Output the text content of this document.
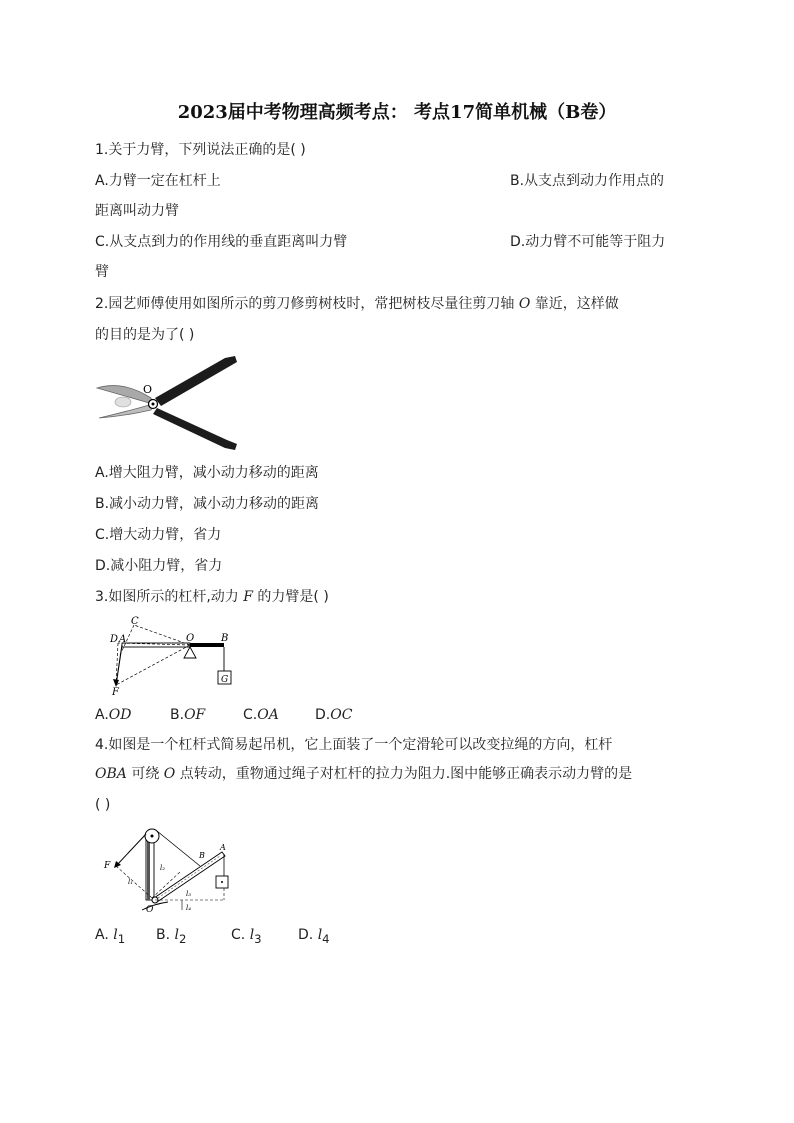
2023届中考物理高频考点： 考点17简单机械（B卷）
1.关于力臂，下列说法正确的是( )
A.力臂一定在杠杆上	B.从支点到动力作用点的
距离叫动力臂
C.从支点到力的作用线的垂直距离叫力臂	D.动力臂不可能等于阻力
臂
2.园艺师傅使用如图所示的剪刀修剪树枝时，常把树枝尽量往剪刀轴 O 靠近，这样做
的目的是为了( )
O
A.增大阻力臂，减小动力移动的距离
B.减小动力臂，减小动力移动的距离
C.增大动力臂，省力
D.减小阻力臂，省力
3.如图所示的杠杆,动力 F 的力臂是( )
C
D A	O	B
F
G
A.OD	B.OF	C.OA	D.OC
4.如图是一个杠杆式简易起吊机，它上面装了一个定滑轮可以改变拉绳的方向，杠杆
OBA 可绕 O 点转动，重物通过绳子对杠杆的拉力为阻力.图中能够正确表示动力臂的是
( )
F
A
B
O
l₁
l₂
l₃
l₄
A. $l_1$ B. $l_2$	C. $l_3$	D. $l_4$
